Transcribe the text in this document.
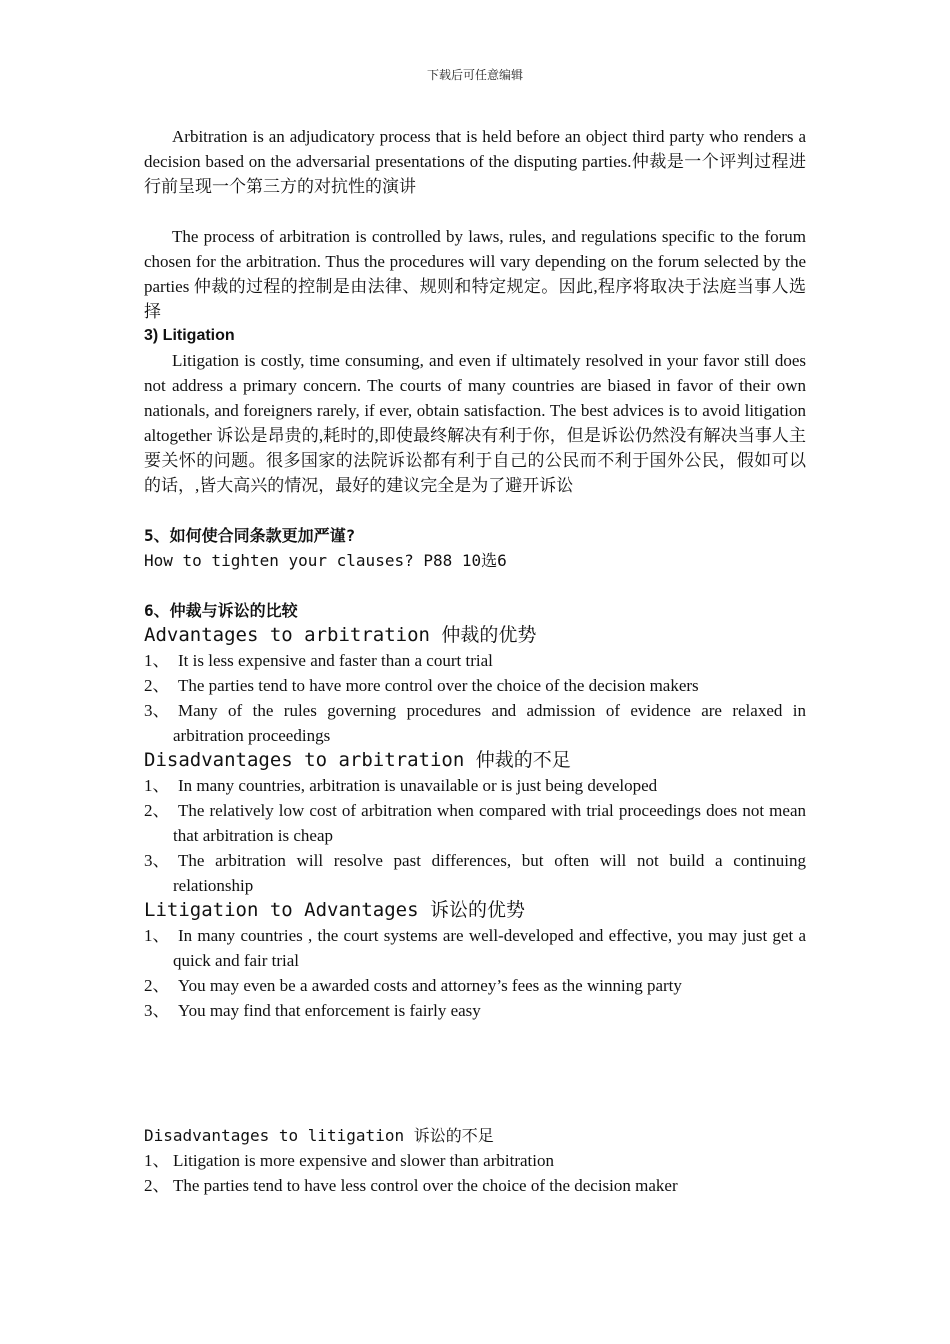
下载后可任意编辑

Arbitration is an adjudicatory process that is held before an object third party who renders a decision based on the adversarial presentations of the disputing parties.仲裁是一个评判过程进行前呈现一个第三方的对抗性的演讲

The process of arbitration is controlled by laws, rules, and regulations specific to the forum chosen for the arbitration. Thus the procedures will vary depending on the forum selected by the parties 仲裁的过程的控制是由法律、规则和特定规定。因此,程序将取决于法庭当事人选择

3) Litigation

Litigation is costly, time consuming, and even if ultimately resolved in your favor still does not address a primary concern. The courts of many countries are biased in favor of their own nationals, and foreigners rarely, if ever, obtain satisfaction. The best advices is to avoid litigation altogether 诉讼是昂贵的,耗时的,即使最终解决有利于你，但是诉讼仍然没有解决当事人主要关怀的问题。很多国家的法院诉讼都有利于自己的公民而不利于国外公民，假如可以的话，,皆大高兴的情况，最好的建议完全是为了避开诉讼

5、如何使合同条款更加严谨?
How to tighten your clauses? P88 10选6
6、仲裁与诉讼的比较
Advantages to arbitration 仲裁的优势
1、 It is less expensive and faster than a court trial
2、 The parties tend to have more control over the choice of the decision makers
3、 Many of the rules governing procedures and admission of evidence are relaxed in arbitration proceedings
Disadvantages to arbitration 仲裁的不足
1、 In many countries, arbitration is unavailable or is just being developed
2、 The relatively low cost of arbitration when compared with trial proceedings does not mean that arbitration is cheap
3、 The arbitration will resolve past differences, but often will not build a continuing relationship
Litigation to Advantages 诉讼的优势
1、 In many countries , the court systems are well-developed and effective, you may just get a quick and fair trial
2、 You may even be a awarded costs and attorney’s fees as the winning party
3、 You may find that enforcement is fairly easy
Disadvantages to litigation 诉讼的不足
1、 Litigation is more expensive and slower than arbitration
2、 The parties tend to have less control over the choice of the decision maker
